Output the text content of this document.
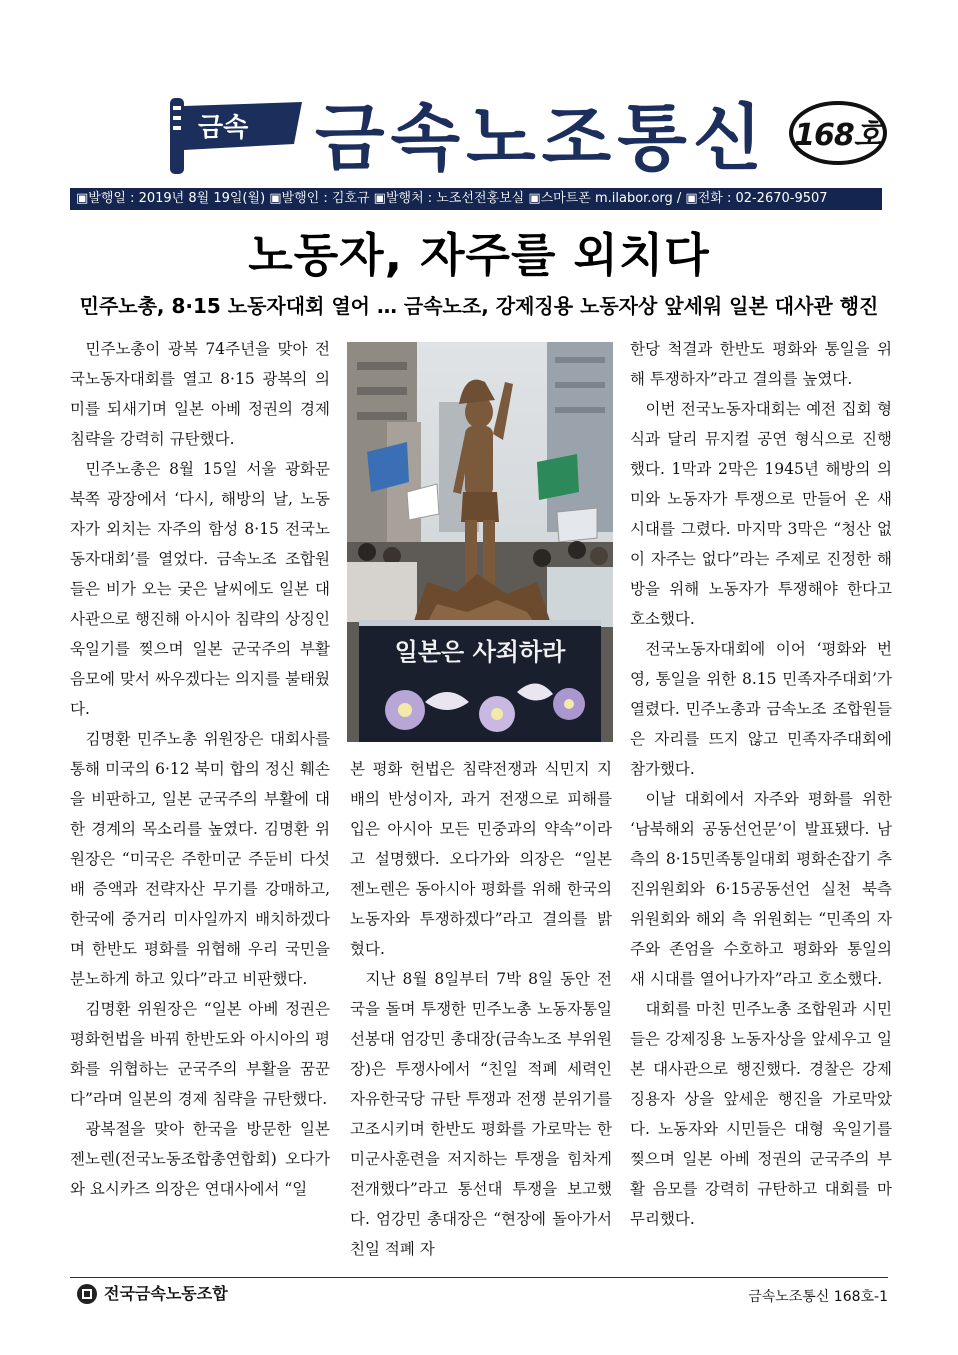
금속 금속노조통신 168호
▣발행일 : 2019년 8월 19일(월) ▣발행인 : 김호규 ▣발행처 : 노조선전홍보실 ▣스마트폰 m.ilabor.org / ▣전화 : 02-2670-9507
노동자, 자주를 외치다
민주노총, 8·15 노동자대회 열어 … 금속노조, 강제징용 노동자상 앞세워 일본 대사관 행진

민주노총이 광복 74주년을 맞아 전국노동자대회를 열고 8·15 광복의 의미를 되새기며 일본 아베 정권의 경제 침략을 강력히 규탄했다.

민주노총은 8월 15일 서울 광화문 북쪽 광장에서 ‘다시, 해방의 날, 노동자가 외치는 자주의 함성 8·15 전국노동자대회’를 열었다. 금속노조 조합원들은 비가 오는 궂은 날씨에도 일본 대사관으로 행진해 아시아 침략의 상징인 욱일기를 찢으며 일본 군국주의 부활 음모에 맞서 싸우겠다는 의지를 불태웠다.

김명환 민주노총 위원장은 대회사를 통해 미국의 6·12 북미 합의 정신 훼손을 비판하고, 일본 군국주의 부활에 대한 경계의 목소리를 높였다. 김명환 위원장은 “미국은 주한미군 주둔비 다섯 배 증액과 전략자산 무기를 강매하고, 한국에 중거리 미사일까지 배치하겠다며 한반도 평화를 위협해 우리 국민을 분노하게 하고 있다”라고 비판했다.

김명환 위원장은 “일본 아베 정권은 평화헌법을 바꿔 한반도와 아시아의 평화를 위협하는 군국주의 부활을 꿈꾼다”라며 일본의 경제 침략을 규탄했다.

광복절을 맞아 한국을 방문한 일본 젠노렌(전국노동조합총연합회) 오다가와 요시카즈 의장은 연대사에서 “일

일본은 사죄하라

본 평화 헌법은 침략전쟁과 식민지 지배의 반성이자, 과거 전쟁으로 피해를 입은 아시아 모든 민중과의 약속”이라고 설명했다. 오다가와 의장은 “일본 젠노렌은 동아시아 평화를 위해 한국의 노동자와 투쟁하겠다”라고 결의를 밝혔다.

지난 8월 8일부터 7박 8일 동안 전국을 돌며 투쟁한 민주노총 노동자통일선봉대 엄강민 총대장(금속노조 부위원장)은 투쟁사에서 “친일 적폐 세력인 자유한국당 규탄 투쟁과 전쟁 분위기를 고조시키며 한반도 평화를 가로막는 한미군사훈련을 저지하는 투쟁을 힘차게 전개했다”라고 통선대 투쟁을 보고했다. 엄강민 총대장은 “현장에 돌아가서 친일 적폐 자

한당 척결과 한반도 평화와 통일을 위해 투쟁하자”라고 결의를 높였다.

이번 전국노동자대회는 예전 집회 형식과 달리 뮤지컬 공연 형식으로 진행했다. 1막과 2막은 1945년 해방의 의미와 노동자가 투쟁으로 만들어 온 새 시대를 그렸다. 마지막 3막은 “청산 없이 자주는 없다”라는 주제로 진정한 해방을 위해 노동자가 투쟁해야 한다고 호소했다.

전국노동자대회에 이어 ‘평화와 번영, 통일을 위한 8.15 민족자주대회’가 열렸다. 민주노총과 금속노조 조합원들은 자리를 뜨지 않고 민족자주대회에 참가했다.

이날 대회에서 자주와 평화를 위한 ‘남북해외 공동선언문’이 발표됐다. 남측의 8·15민족통일대회 평화손잡기 추진위원회와 6·15공동선언 실천 북측 위원회와 해외 측 위원회는 “민족의 자주와 존엄을 수호하고 평화와 통일의 새 시대를 열어나가자”라고 호소했다.

대회를 마친 민주노총 조합원과 시민들은 강제징용 노동자상을 앞세우고 일본 대사관으로 행진했다. 경찰은 강제징용자 상을 앞세운 행진을 가로막았다. 노동자와 시민들은 대형 욱일기를 찢으며 일본 아베 정권의 군국주의 부활 음모를 강력히 규탄하고 대회를 마무리했다.

전국금속노동조합	금속노조통신 168호-1
